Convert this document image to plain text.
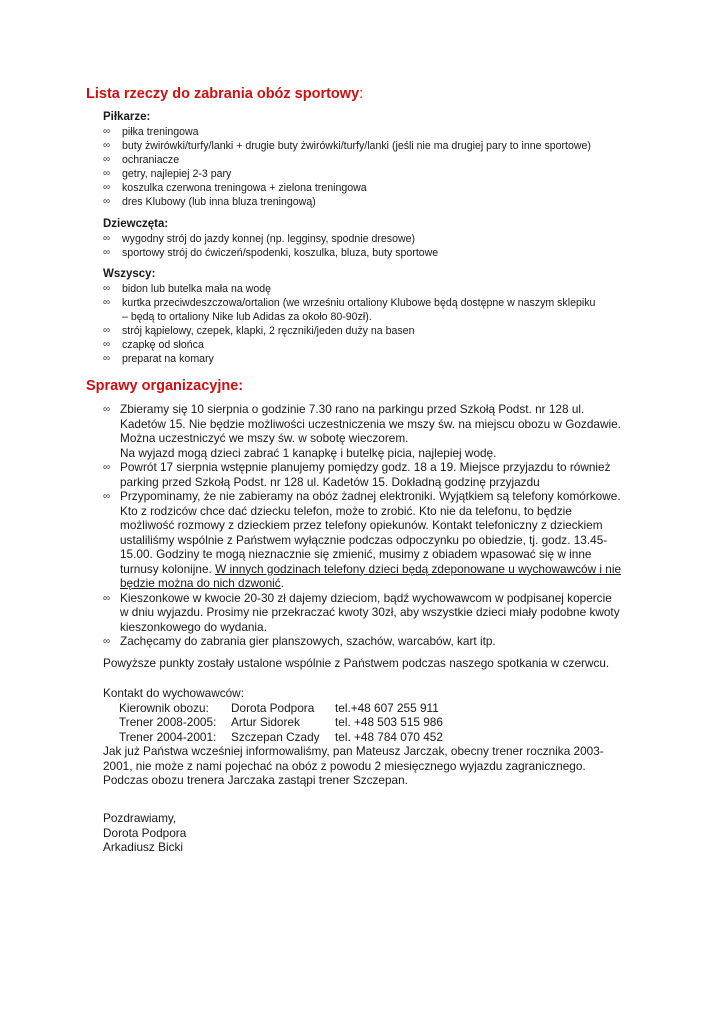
Lista rzeczy do zabrania obóz sportowy:
Piłkarze:
∞ piłka treningowa
∞ buty żwirówki/turfy/lanki + drugie buty żwirówki/turfy/lanki (jeśli nie ma drugiej pary to inne sportowe)
∞ ochraniacze
∞ getry, najlepiej 2-3 pary
∞ koszulka czerwona treningowa + zielona treningowa
∞ dres Klubowy (lub inna bluza treningową)
Dziewczęta:
∞ wygodny strój do jazdy konnej (np. legginsy, spodnie dresowe)
∞ sportowy strój do ćwiczeń/spodenki, koszulka, bluza, buty sportowe
Wszyscy:
∞ bidon lub butelka mała na wodę
∞ kurtka przeciwdeszczowa/ortalion (we wrześniu ortaliony Klubowe będą dostępne w naszym sklepiku
– będą to ortaliony Nike lub Adidas za około 80-90zł).
∞ strój kąpielowy, czepek, klapki, 2 ręczniki/jeden duży na basen
∞ czapkę od słońca
∞ preparat na komary
Sprawy organizacyjne:
∞ Zbieramy się 10 sierpnia o godzinie 7.30 rano na parkingu przed Szkołą Podst. nr 128 ul.

Kadetów 15. Nie będzie możliwości uczestniczenia we mszy św. na miejscu obozu w Gozdawie.

Można uczestniczyć we mszy św. w sobotę wieczorem.

Na wyjazd mogą dzieci zabrać 1 kanapkę i butelkę picia, najlepiej wodę.

∞ Powrót 17 sierpnia wstępnie planujemy pomiędzy godz. 18 a 19. Miejsce przyjazdu to również

parking przed Szkołą Podst. nr 128 ul. Kadetów 15. Dokładną godzinę przyjazdu

∞ Przypominamy, że nie zabieramy na obóz żadnej elektroniki. Wyjątkiem są telefony komórkowe.

Kto z rodziców chce dać dziecku telefon, może to zrobić. Kto nie da telefonu, to będzie

możliwość rozmowy z dzieckiem przez telefony opiekunów. Kontakt telefoniczny z dzieckiem

ustaliliśmy wspólnie z Państwem wyłącznie podczas odpoczynku po obiedzie, tj. godz. 13.45-

15.00. Godziny te mogą nieznacznie się zmienić, musimy z obiadem wpasować się w inne

turnusy kolonijne. W innych godzinach telefony dzieci będą zdeponowane u wychowawców i nie

będzie można do nich dzwonić.

∞ Kieszonkowe w kwocie 20-30 zł dajemy dzieciom, bądź wychowawcom w podpisanej kopercie

w dniu wyjazdu. Prosimy nie przekraczać kwoty 30zł, aby wszystkie dzieci miały podobne kwoty

kieszonkowego do wydania.

∞ Zachęcamy do zabrania gier planszowych, szachów, warcabów, kart itp.

Powyższe punkty zostały ustalone wspólnie z Państwem podczas naszego spotkania w czerwcu.
Kontakt do wychowawców:
Kierownik obozu:	Dorota Podpora	tel.+48 607 255 911
Trener 2008-2005:	Artur Sidorek	tel. +48 503 515 986
Trener 2004-2001:	Szczepan Czady	tel. +48 784 070 452
Jak już Państwa wcześniej informowaliśmy, pan Mateusz Jarczak, obecny trener rocznika 2003-
2001, nie może z nami pojechać na obóz z powodu 2 miesięcznego wyjazdu zagranicznego.
Podczas obozu trenera Jarczaka zastąpi trener Szczepan.
Pozdrawiamy,
Dorota Podpora
Arkadiusz Bicki
